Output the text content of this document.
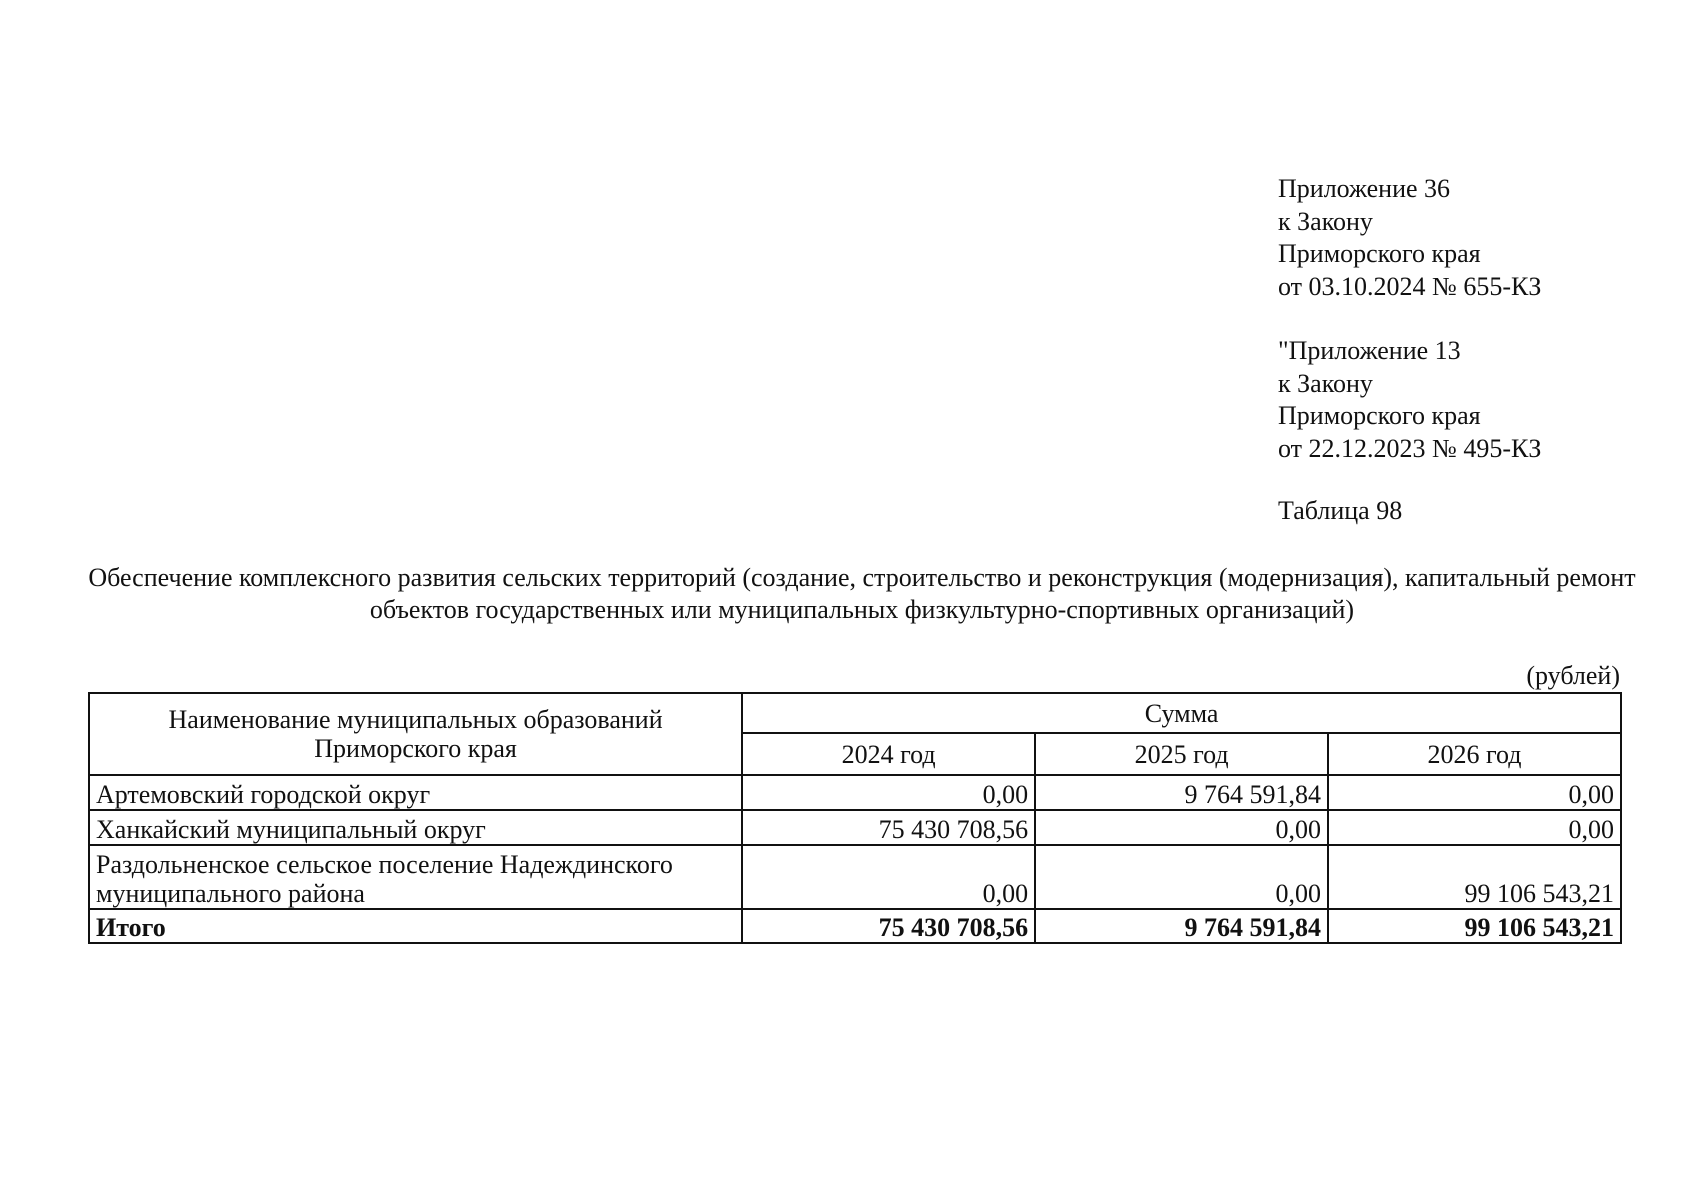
Приложение 36
к Закону
Приморского края
от 03.10.2024 № 655-КЗ
"Приложение 13
к Закону
Приморского края
от 22.12.2023 № 495-КЗ
Таблица 98
Обеспечение комплексного развития сельских территорий (создание, строительство и реконструкция (модернизация), капитальный ремонт объектов государственных или муниципальных физкультурно-спортивных организаций)
(рублей)
Наименование муниципальных образований Приморского края	Сумма		
	2024 год	2025 год	2026 год
Артемовский городской округ	0,00	9 764 591,84	0,00
Ханкайский муниципальный округ	75 430 708,56	0,00	0,00
Раздольненское сельское поселение Надеждинского муниципального района	0,00	0,00	99 106 543,21
Итого	75 430 708,56	9 764 591,84	99 106 543,21
